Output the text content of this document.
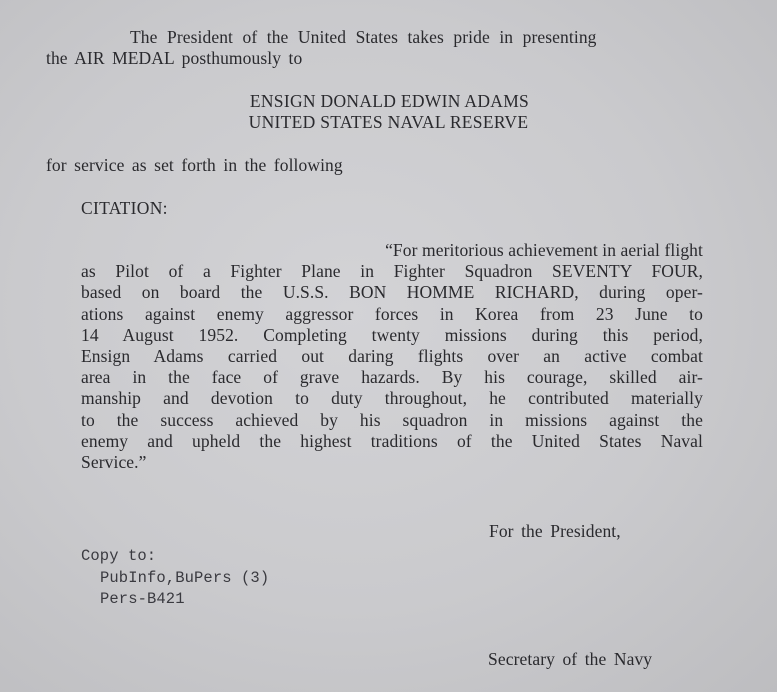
The President of the United States takes pride in presenting
the AIR MEDAL posthumously to
ENSIGN DONALD EDWIN ADAMS
UNITED STATES NAVAL RESERVE
for service as set forth in the following
CITATION:
“For meritorious achievement in aerial flight
as Pilot of a Fighter Plane in Fighter Squadron SEVENTY FOUR,
based on board the U.S.S. BON HOMME RICHARD, during oper-
ations against enemy aggressor forces in Korea from 23 June to
14 August 1952. Completing twenty missions during this period,
Ensign Adams carried out daring flights over an active combat
area in the face of grave hazards. By his courage, skilled air-
manship and devotion to duty throughout, he contributed materially
to the success achieved by his squadron in missions against the
enemy and upheld the highest traditions of the United States Naval
Service.”
For the President,
Copy to:
PubInfo,BuPers (3)
Pers-B421
Secretary of the Navy
